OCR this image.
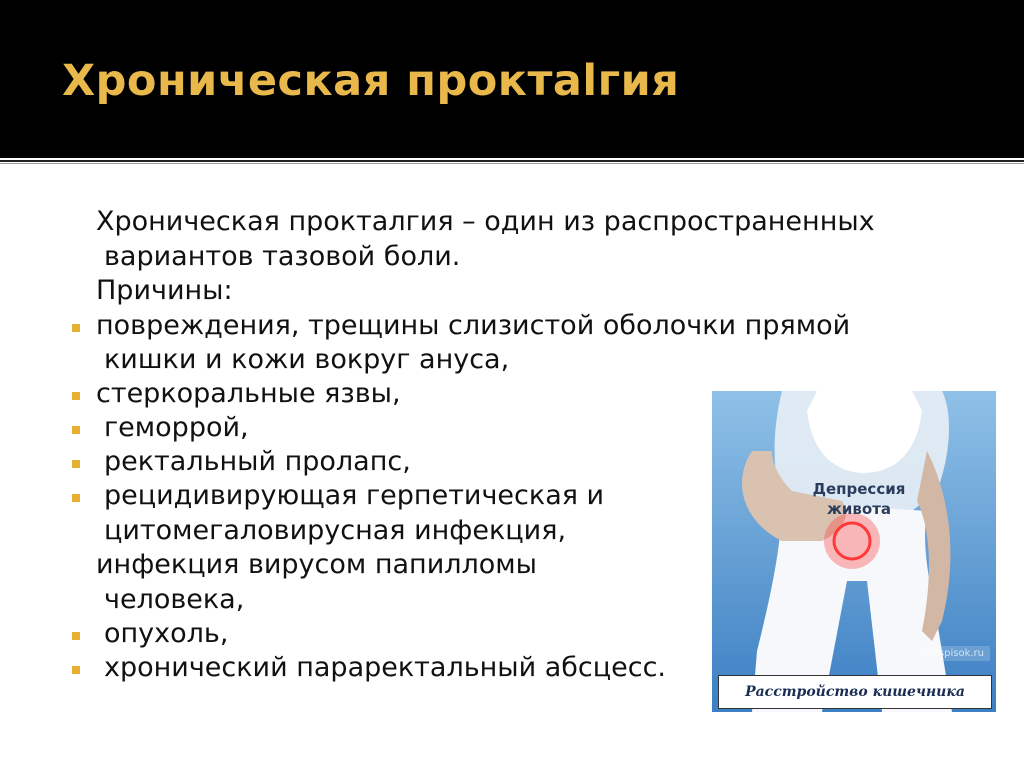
Хроническая проктalгия
Хроническая проктaлгия – один из распространенных
вариантов тазовой боли.
Причины:
повреждения, трещины слизистой оболочки прямой
кишки и кожи вокруг ануса,
стеркоральные язвы,
геморрой,
ректальный пролапс,
рецидивирующая герпетическая и
цитомегаловирусная инфекция,
инфекция вирусом папилломы
человека,
опухоль,
хронический парaректальный абсцесс.
Депрессия живота
lifespisok.ru
Расстройство кишечника
